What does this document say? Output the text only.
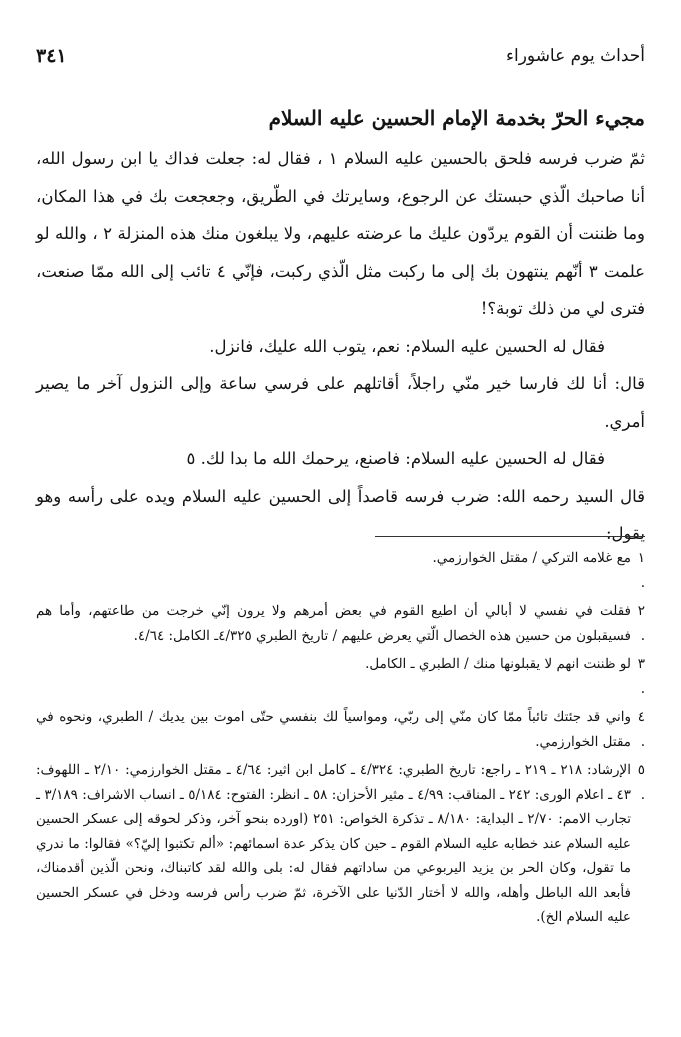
أحداث يوم عاشوراء
٣٤١
مجيء الحرّ بخدمة الإمام الحسين عليه السلام

ثمّ ضرب فرسه فلحق بالحسين عليه السلام ١ ، فقال له: جعلت فداك يا ابن رسول الله، أنا صاحبك الّذي حبستك عن الرجوع، وسايرتك في الطّريق، وجعجعت بك في هذا المكان، وما ظننت أن القوم يردّون عليك ما عرضته عليهم، ولا يبلغون منك هذه المنزلة ٢ ، والله لو علمت ٣ أنّهم ينتهون بك إلى ما ركبت مثل الّذي ركبت، فإنّي ٤ تائب إلى الله ممّا صنعت، فترى لي من ذلك توبة؟!

فقال له الحسين عليه السلام: نعم، يتوب الله عليك، فانزل.

قال: أنا لك فارسا خير منّي راجلاً، أقاتلهم على فرسي ساعة وإلى النزول آخر ما يصير أمري.

فقال له الحسين عليه السلام: فاصنع، يرحمك الله ما بدا لك. ٥

قال السيد رحمه الله: ضرب فرسه قاصداً إلى الحسين عليه السلام ويده على رأسه وهو يقول:

١ .
مع غلامه التركي / مقتل الخوارزمي.
٢ .
فقلت في نفسي لا أبالي أن اطيع القوم في بعض أمرهم ولا يرون إنّي خرجت من طاعتهم، وأما هم فسيقبلون من حسين هذه الخصال الّتي يعرض عليهم / تاريخ الطبري ٤/٣٢٥ـ الكامل: ٤/٦٤.
٣ .
لو ظننت انهم لا يقبلونها منك / الطبري ـ الكامل.
٤ .
واني قد جئتك تائباً ممّا كان منّي إلى ربّي، ومواسياً لك بنفسي حتّى اموت بين يديك / الطبري، ونحوه في مقتل الخوارزمي.
٥ .
الإرشاد: ٢١٨ ـ ٢١٩ ـ راجع: تاريخ الطبري: ٤/٣٢٤ ـ كامل ابن اثير: ٤/٦٤ ـ مقتل الخوارزمي: ٢/١٠ ـ اللهوف: ٤٣ ـ اعلام الورى: ٢٤٢ ـ المناقب: ٤/٩٩ ـ مثير الأحزان: ٥٨ ـ انظر: الفتوح: ٥/١٨٤ ـ انساب الاشراف: ٣/١٨٩ ـ تجارب الامم: ٢/٧٠ ـ البداية: ٨/١٨٠ ـ تذكرة الخواص: ٢٥١ (اورده بنحو آخر، وذكر لحوقه إلى عسكر الحسين عليه السلام عند خطابه عليه السلام القوم ـ حين كان يذكر عدة اسمائهم: «ألم تكتبوا إليّ؟» فقالوا: ما ندري ما تقول، وكان الحر بن يزيد اليربوعي من ساداتهم فقال له: بلى والله لقد كاتبناك، ونحن الّذين أقدمناك، فأبعد الله الباطل وأهله، والله لا أختار الدّنيا على الآخرة، ثمّ ضرب رأس فرسه ودخل في عسكر الحسين عليه السلام الخ).
